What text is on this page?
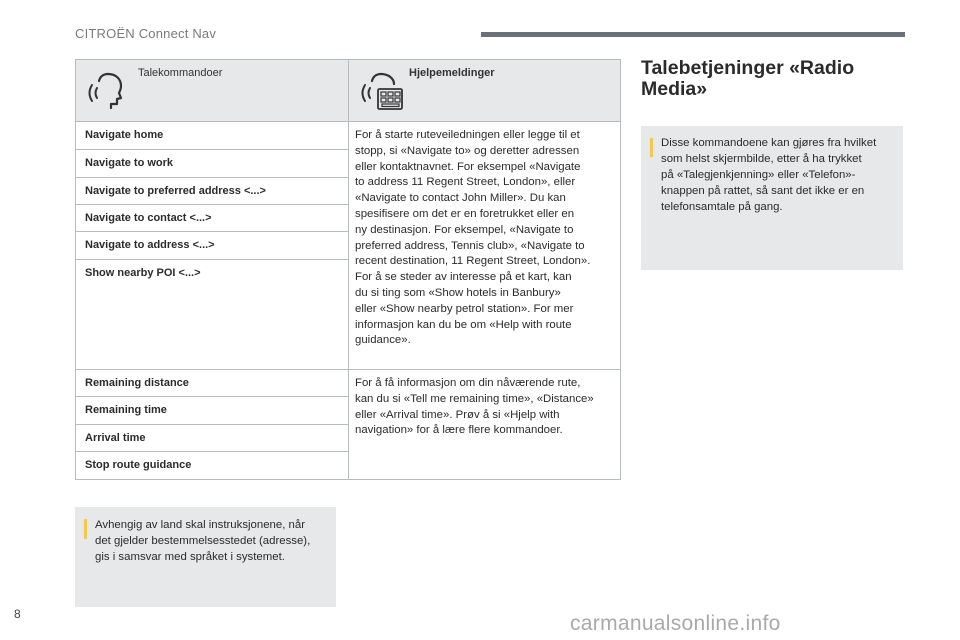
CITROËN Connect Nav
Talekommandoer	Hjelpemeldinger
Navigate home
Navigate to work
Navigate to preferred address <...>
Navigate to contact <...>
Navigate to address <...>
Show nearby POI <...>
For å starte ruteveiledningen eller legge til et
stopp, si «Navigate to» og deretter adressen
eller kontaktnavnet. For eksempel «Navigate
to address 11 Regent Street, London», eller
«Navigate to contact John Miller». Du kan
spesifisere om det er en foretrukket eller en
ny destinasjon. For eksempel, «Navigate to
preferred address, Tennis club», «Navigate to
recent destination, 11 Regent Street, London».
For å se steder av interesse på et kart, kan
du si ting som «Show hotels in Banbury»
eller «Show nearby petrol station». For mer
informasjon kan du be om «Help with route
guidance».
Remaining distance
Remaining time
Arrival time
Stop route guidance
For å få informasjon om din nåværende rute,
kan du si «Tell me remaining time», «Distance»
eller «Arrival time». Prøv å si «Hjelp with
navigation» for å lære flere kommandoer.
Avhengig av land skal instruksjonene, når
det gjelder bestemmelsesstedet (adresse),
gis i samsvar med språket i systemet.
Talebetjeninger «Radio
Media»
Disse kommandoene kan gjøres fra hvilket
som helst skjermbilde, etter å ha trykket
på «Talegjenkjenning» eller «Telefon»-
knappen på rattet, så sant det ikke er en
telefonsamtale på gang.
8	carmanualsonline.info
